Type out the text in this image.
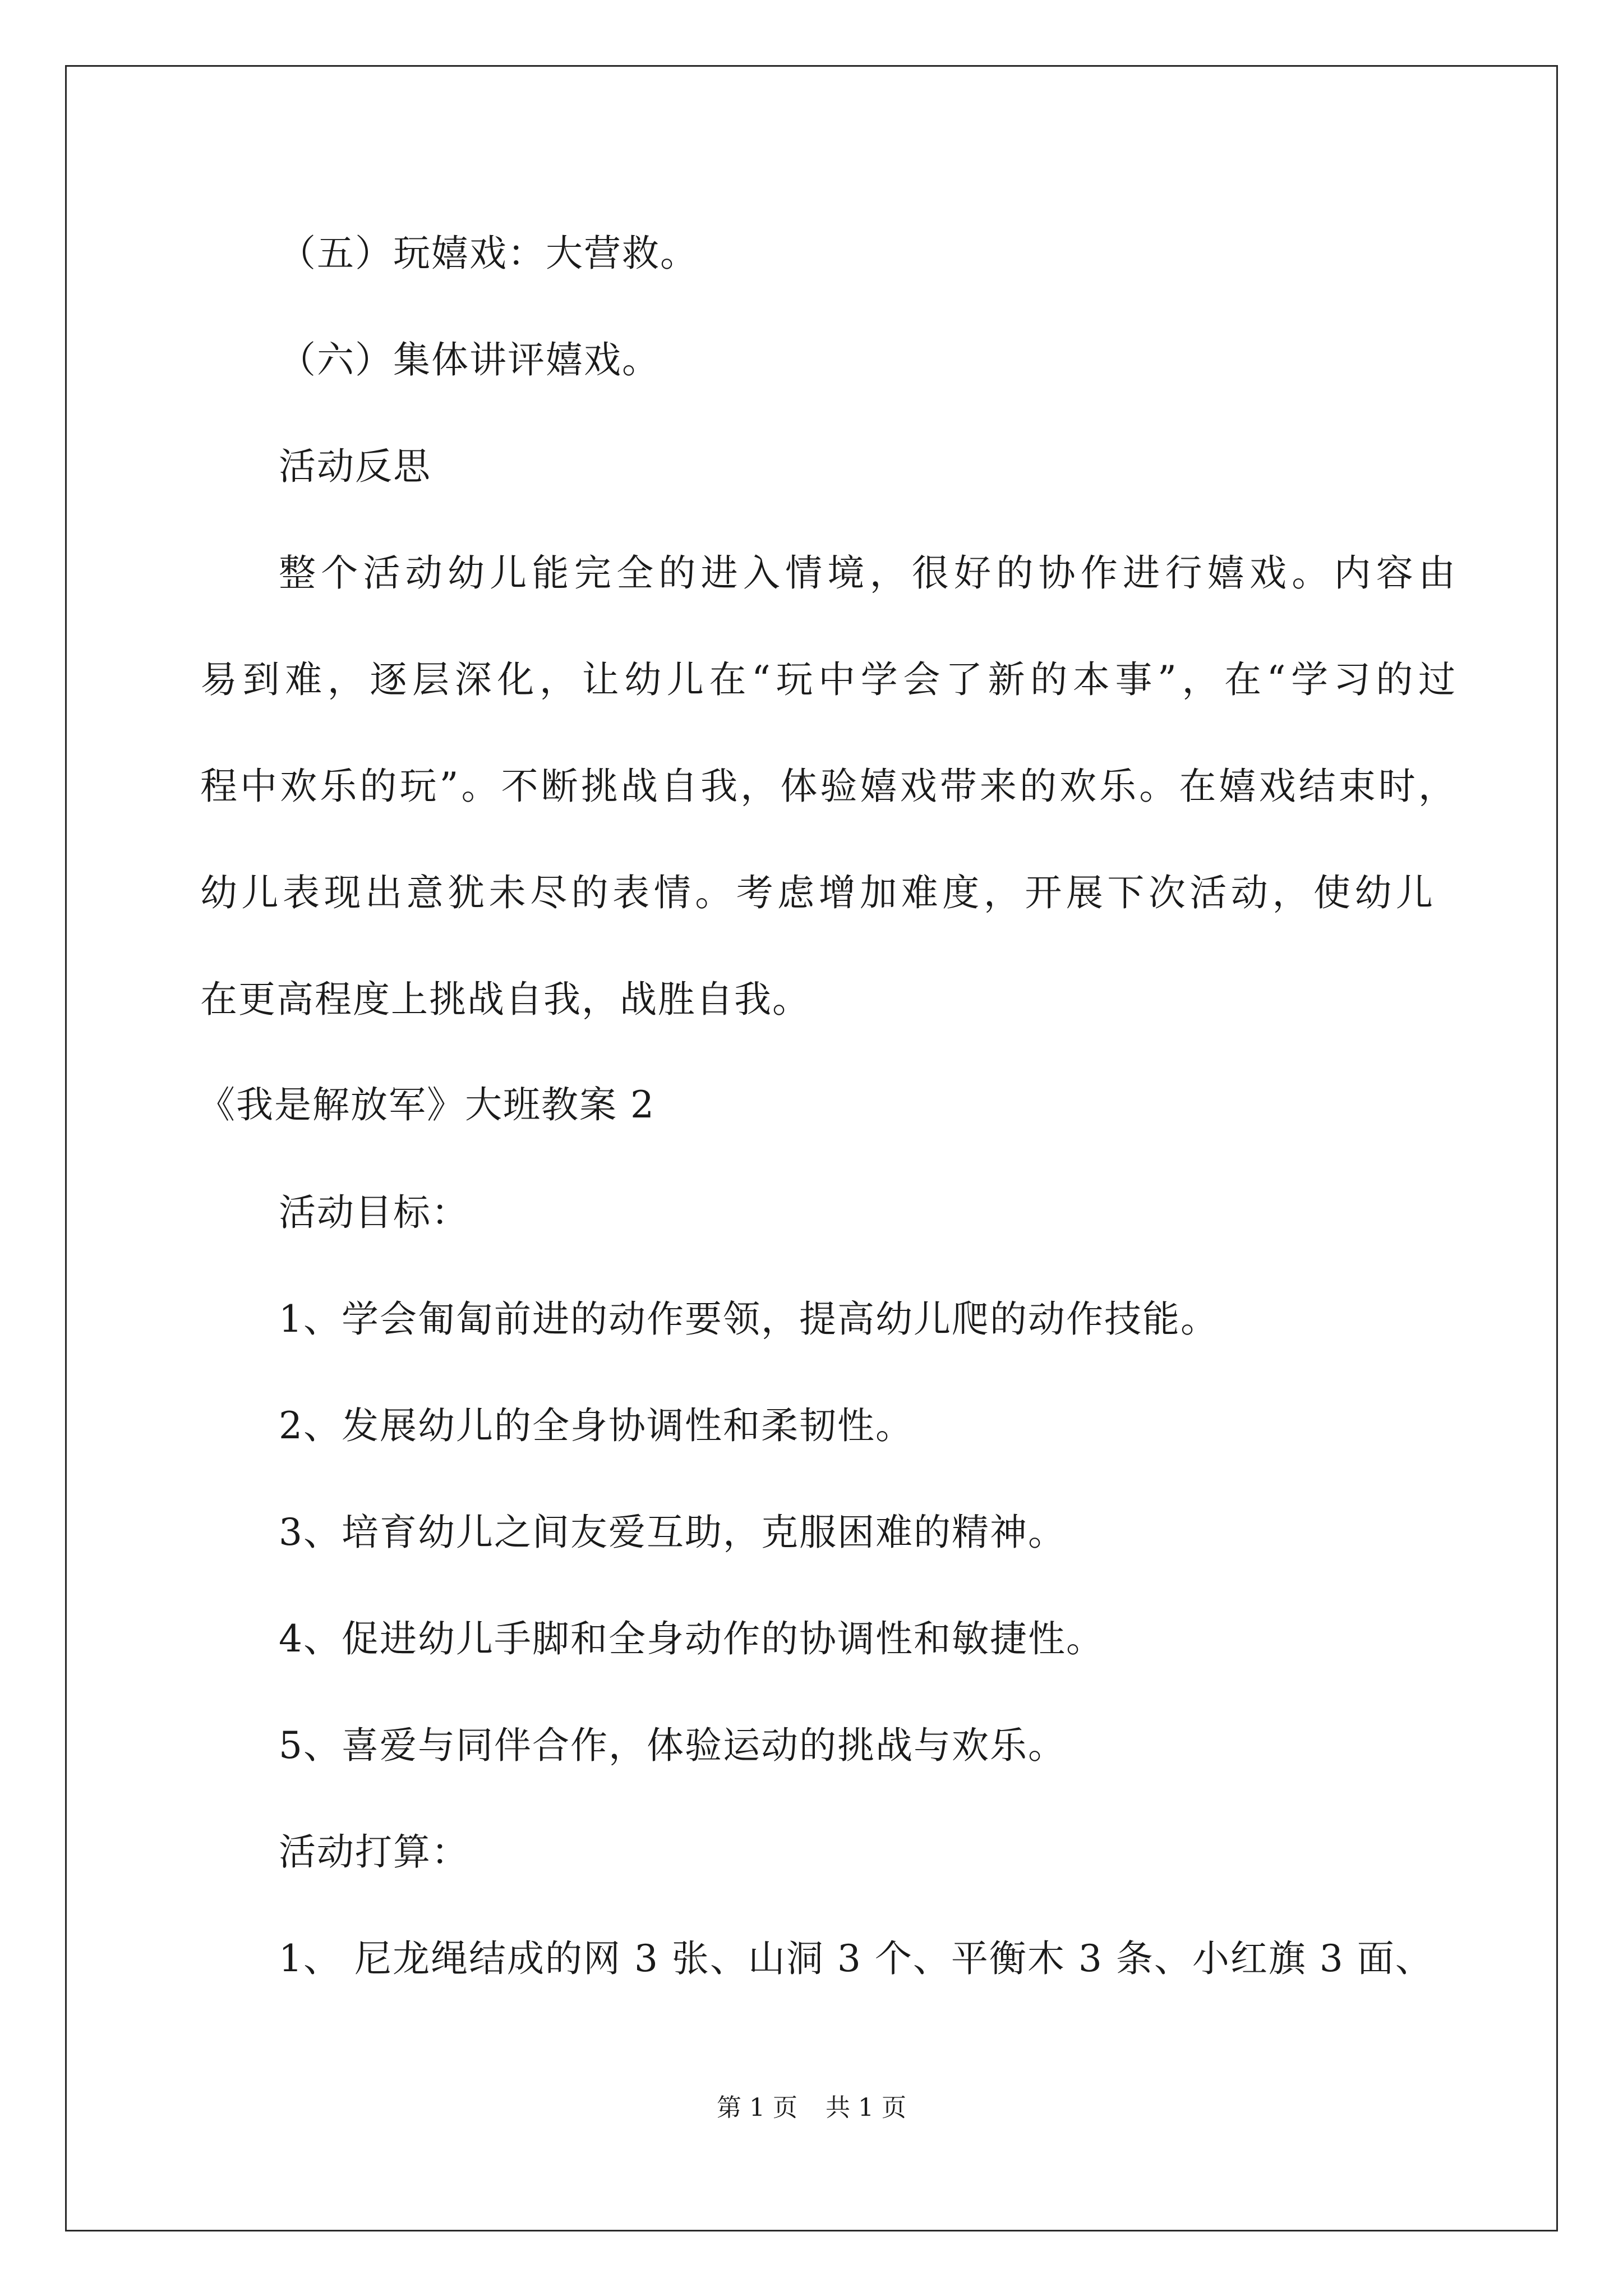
（五）玩嬉戏：大营救。
（六）集体讲评嬉戏。
活动反思
整个活动幼儿能完全的进入情境，很好的协作进行嬉戏。内容由
易到难，逐层深化，让幼儿在“玩中学会了新的本事”，在“学习的过
程中欢乐的玩”。不断挑战自我，体验嬉戏带来的欢乐。在嬉戏结束时，
幼儿表现出意犹未尽的表情。考虑增加难度，开展下次活动，使幼儿
在更高程度上挑战自我，战胜自我。
《我是解放军》大班教案 2
活动目标：
1、学会匍匐前进的动作要领，提高幼儿爬的动作技能。
2、发展幼儿的全身协调性和柔韧性。
3、培育幼儿之间友爱互助，克服困难的精神。
4、促进幼儿手脚和全身动作的协调性和敏捷性。
5、喜爱与同伴合作，体验运动的挑战与欢乐。
活动打算：
1、 尼龙绳结成的网 3 张、山洞 3 个、平衡木 3 条、小红旗 3 面、
第 1 页 共 1 页
